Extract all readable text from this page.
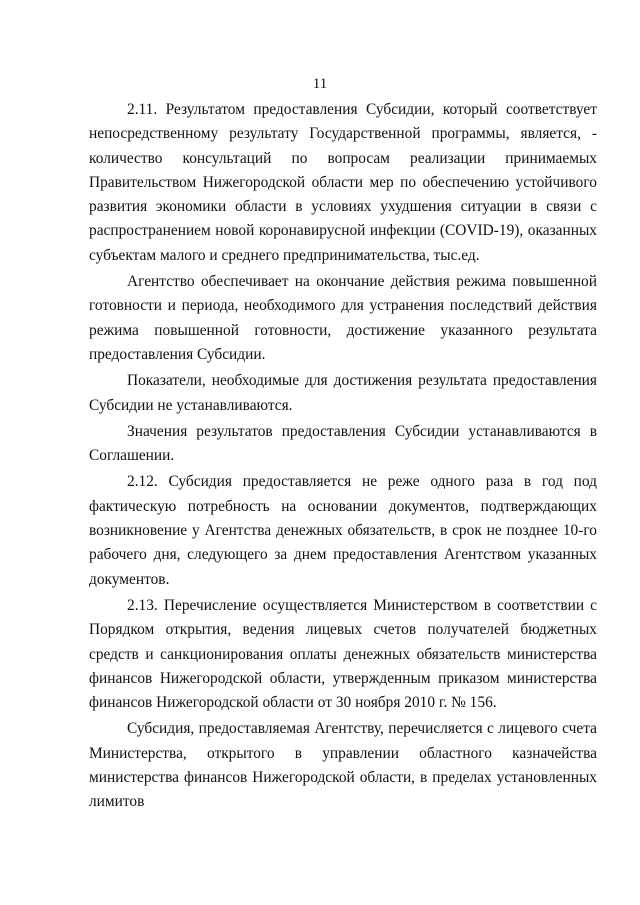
11

2.11. Результатом предоставления Субсидии, который соответствует непосредственному результату Государственной программы, является, - количество консультаций по вопросам реализации принимаемых Правительством Нижегородской области мер по обеспечению устойчивого развития экономики области в условиях ухудшения ситуации в связи с распространением новой коронавирусной инфекции (COVID-19), оказанных субъектам малого и среднего предпринимательства, тыс.ед.

Агентство обеспечивает на окончание действия режима повышенной готовности и периода, необходимого для устранения последствий действия режима повышенной готовности, достижение указанного результата предоставления Субсидии.

Показатели, необходимые для достижения результата предоставления Субсидии не устанавливаются.

Значения результатов предоставления Субсидии устанавливаются в Соглашении.

2.12. Субсидия предоставляется не реже одного раза в год под фактическую потребность на основании документов, подтверждающих возникновение у Агентства денежных обязательств, в срок не позднее 10-го рабочего дня, следующего за днем предоставления Агентством указанных документов.

2.13. Перечисление осуществляется Министерством в соответствии с Порядком открытия, ведения лицевых счетов получателей бюджетных средств и санкционирования оплаты денежных обязательств министерства финансов Нижегородской области, утвержденным приказом министерства финансов Нижегородской области от 30 ноября 2010 г. № 156.

Субсидия, предоставляемая Агентству, перечисляется с лицевого счета Министерства, открытого в управлении областного казначейства министерства финансов Нижегородской области, в пределах установленных лимитов
